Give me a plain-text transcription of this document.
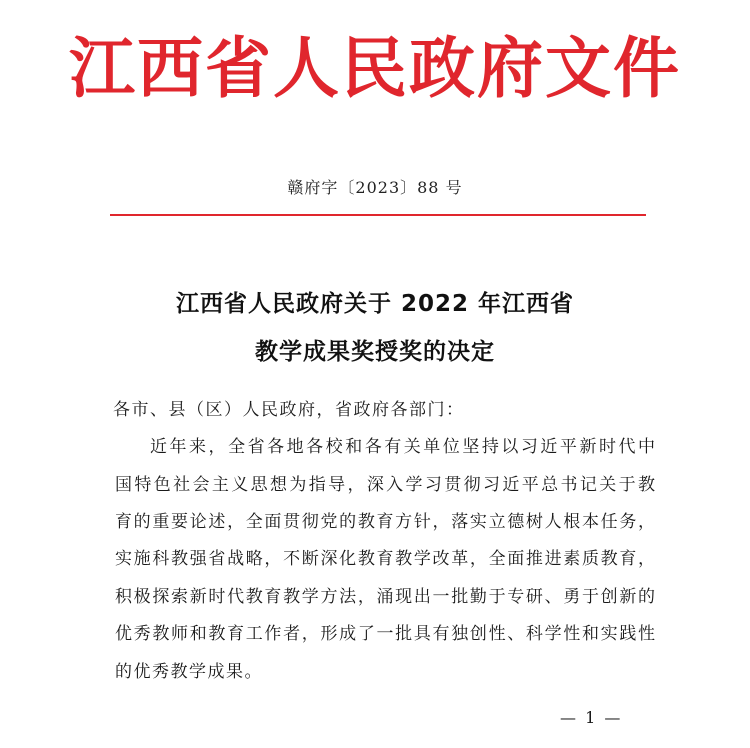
江西省人民政府文件
赣府字〔2023〕88 号
江西省人民政府关于 2022 年江西省
教学成果奖授奖的决定
各市、县（区）人民政府，省政府各部门：
近年来，全省各地各校和各有关单位坚持以习近平新时代中
国特色社会主义思想为指导，深入学习贯彻习近平总书记关于教
育的重要论述，全面贯彻党的教育方针，落实立德树人根本任务，
实施科教强省战略，不断深化教育教学改革，全面推进素质教育，
积极探索新时代教育教学方法，涌现出一批勤于专研、勇于创新的
优秀教师和教育工作者，形成了一批具有独创性、科学性和实践性
的优秀教学成果。
— 1 —
